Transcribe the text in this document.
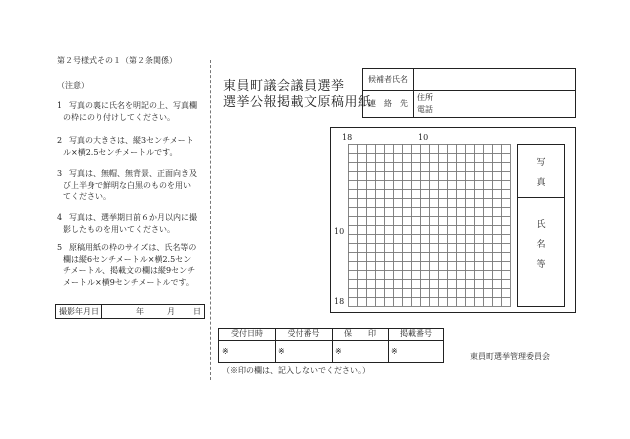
第２号様式その１（第２条関係）
（注意）
1 写真の裏に氏名を明記の上、写真欄
の枠にのり付けしてください。
2 写真の大きさは、縦3センチメート
ル×横2.5センチメートルです。
3 写真は、無帽、無背景、正面向き及
び上半身で鮮明な白黒のものを用い
てください。
4 写真は、選挙期日前６か月以内に撮
影したものを用いてください。
5 原稿用紙の枠のサイズは、氏名等の
欄は縦6センチメートル×横2.5セン
チメートル、掲載文の欄は縦9センチ
メートル×横9センチメートルです。
撮影年月日	年	月 日
東員町議会議員選挙
選挙公報掲載文原稿用紙
候補者氏名
連　絡　先
住所
電話
18	10
10
18
写
真
氏
名
等
受付日時	受付番号	保　　印	掲載番号
※	※	※	※
（※印の欄は、記入しないでください。）
東員町選挙管理委員会
